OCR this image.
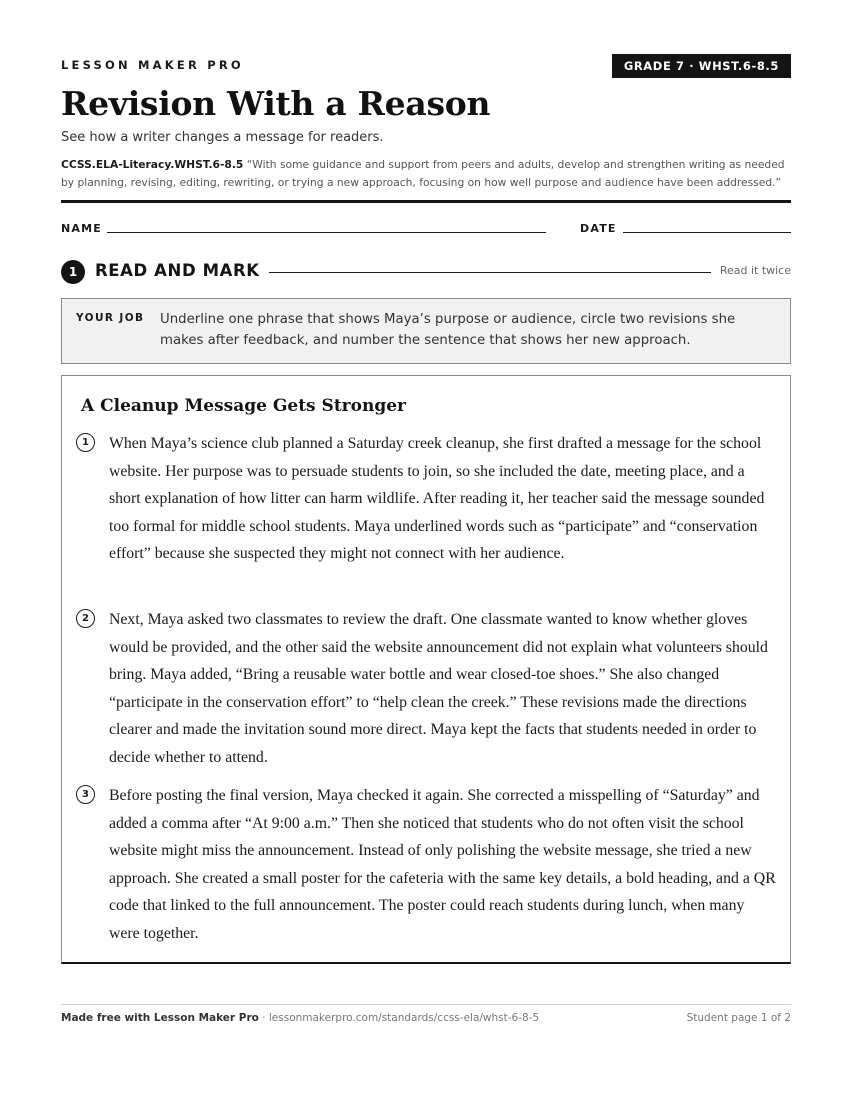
LESSON MAKER PRO	GRADE 7 · WHST.6-8.5
Revision With a Reason
See how a writer changes a message for readers.
CCSS.ELA-Literacy.WHST.6-8.5 “With some guidance and support from peers and adults, develop and strengthen writing as needed by planning, revising, editing, rewriting, or trying a new approach, focusing on how well purpose and audience have been addressed.”
NAME	DATE
1	READ AND MARK	Read it twice
YOUR JOB Underline one phrase that shows Maya’s purpose or audience, circle two revisions she makes after feedback, and number the sentence that shows her new approach.
A Cleanup Message Gets Stronger
1	When Maya’s science club planned a Saturday creek cleanup, she first drafted a message for the school website. Her purpose was to persuade students to join, so she included the date, meeting place, and a short explanation of how litter can harm wildlife. After reading it, her teacher said the message sounded too formal for middle school students. Maya underlined words such as “participate” and “conservation effort” because she suspected they might not connect with her audience.

2	Next, Maya asked two classmates to review the draft. One classmate wanted to know whether gloves would be provided, and the other said the website announcement did not explain what volunteers should bring. Maya added, “Bring a reusable water bottle and wear closed-toe shoes.” She also changed “participate in the conservation effort” to “help clean the creek.” These revisions made the directions clearer and made the invitation sound more direct. Maya kept the facts that students needed in order to decide whether to attend.

3	Before posting the final version, Maya checked it again. She corrected a misspelling of “Saturday” and added a comma after “At 9:00 a.m.” Then she noticed that students who do not often visit the school website might miss the announcement. Instead of only polishing the website message, she tried a new approach. She created a small poster for the cafeteria with the same key details, a bold heading, and a QR code that linked to the full announcement. The poster could reach students during lunch, when many were together.

Made free with Lesson Maker Pro · lessonmakerpro.com/standards/ccss-ela/whst-6-8-5	Student page 1 of 2
